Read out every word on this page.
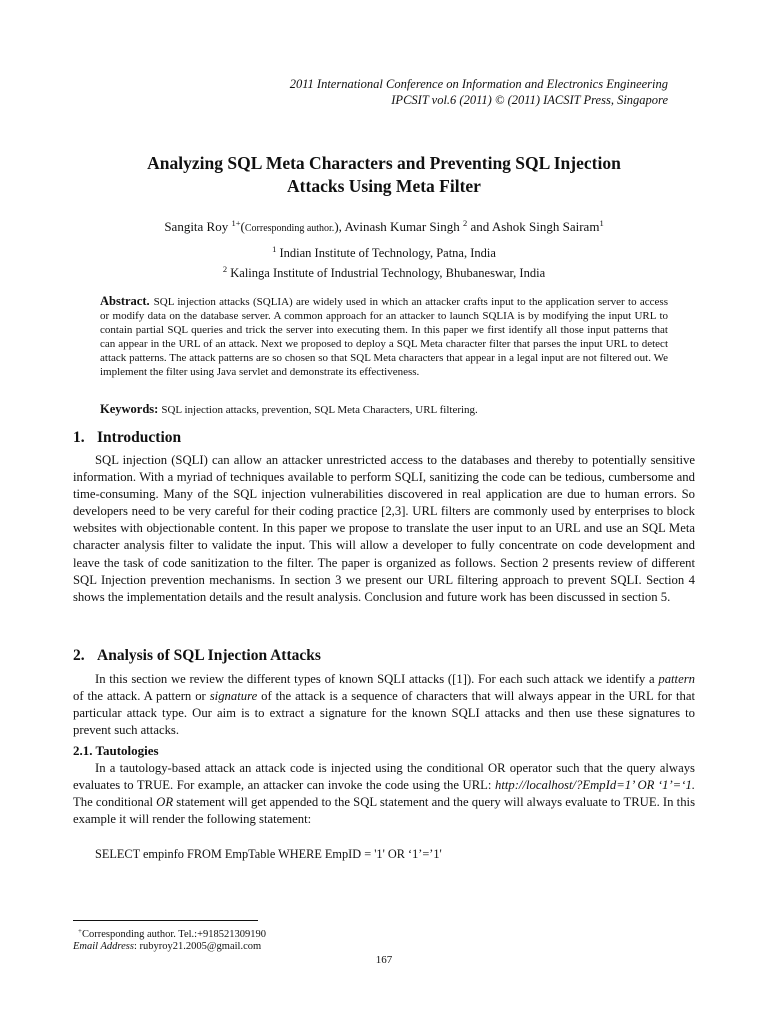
2011 International Conference on Information and Electronics Engineering
IPCSIT vol.6 (2011) © (2011) IACSIT Press, Singapore
Analyzing SQL Meta Characters and Preventing SQL Injection
Attacks Using Meta Filter
Sangita Roy $^{1+}$(Corresponding author.), Avinash Kumar Singh $^2$ and Ashok Singh Sairam$^1$
$^1$ Indian Institute of Technology, Patna, India
$^2$ Kalinga Institute of Industrial Technology, Bhubaneswar, India
Abstract. SQL injection attacks (SQLIA) are widely used in which an attacker crafts input to the application server to access or modify data on the database server. A common approach for an attacker to launch SQLIA is by modifying the input URL to contain partial SQL queries and trick the server into executing them. In this paper we first identify all those input patterns that can appear in the URL of an attack. Next we proposed to deploy a SQL Meta character filter that parses the input URL to detect attack patterns. The attack patterns are so chosen so that SQL Meta characters that appear in a legal input are not filtered out. We implement the filter using Java servlet and demonstrate its effectiveness.
Keywords: SQL injection attacks, prevention, SQL Meta Characters, URL filtering.
1. Introduction
SQL injection (SQLI) can allow an attacker unrestricted access to the databases and thereby to potentially sensitive information. With a myriad of techniques available to perform SQLI, sanitizing the code can be tedious, cumbersome and time-consuming. Many of the SQL injection vulnerabilities discovered in real application are due to human errors. So developers need to be very careful for their coding practice [2,3]. URL filters are commonly used by enterprises to block websites with objectionable content. In this paper we propose to translate the user input to an URL and use an SQL Meta character analysis filter to validate the input. This will allow a developer to fully concentrate on code development and leave the task of code sanitization to the filter. The paper is organized as follows. Section 2 presents review of different SQL Injection prevention mechanisms. In section 3 we present our URL filtering approach to prevent SQLI. Section 4 shows the implementation details and the result analysis. Conclusion and future work has been discussed in section 5.
2. Analysis of SQL Injection Attacks
In this section we review the different types of known SQLI attacks ([1]). For each such attack we identify a pattern of the attack. A pattern or signature of the attack is a sequence of characters that will always appear in the URL for that particular attack type. Our aim is to extract a signature for the known SQLI attacks and then use these signatures to prevent such attacks.
2.1. Tautologies
In a tautology-based attack an attack code is injected using the conditional OR operator such that the query always evaluates to TRUE. For example, an attacker can invoke the code using the URL: http://localhost/?EmpId=1’ OR ‘1’=‘1. The conditional OR statement will get appended to the SQL statement and the query will always evaluate to TRUE. In this example it will render the following statement:
SELECT empinfo FROM EmpTable WHERE EmpID = '1' OR ‘1’=’1'
+Corresponding author. Tel.:+918521309190
Email Address: rubyroy21.2005@gmail.com
167
